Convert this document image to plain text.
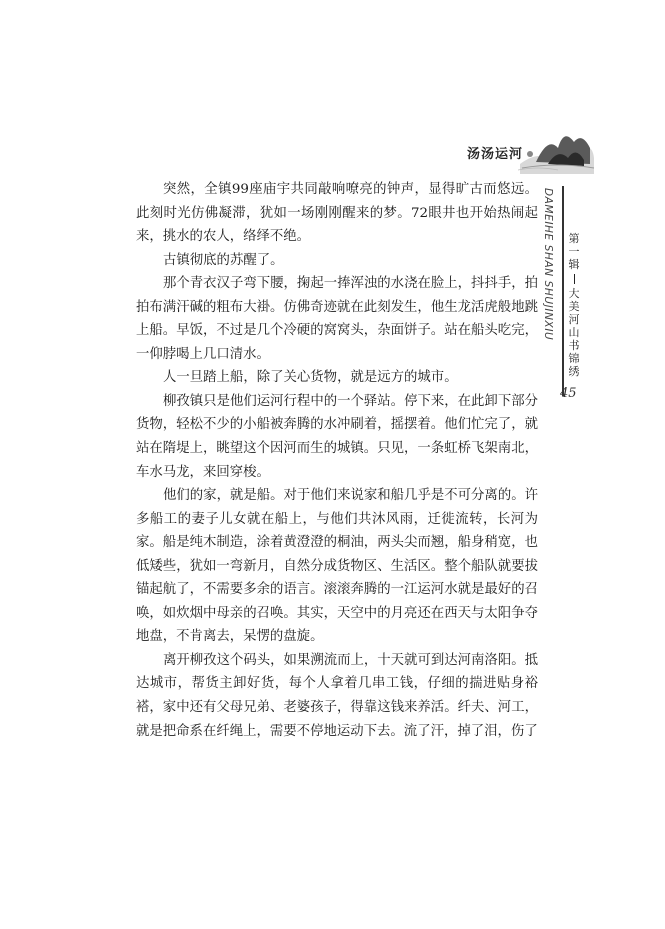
汤汤运河

突然，全镇99座庙宇共同敲响嘹亮的钟声，显得旷古而悠远。此刻时光仿佛凝滞，犹如一场刚刚醒来的梦。72眼井也开始热闹起来，挑水的农人，络绎不绝。

古镇彻底的苏醒了。

那个青衣汉子弯下腰，掬起一捧浑浊的水浇在脸上，抖抖手，拍拍布满汗碱的粗布大褂。仿佛奇迹就在此刻发生，他生龙活虎般地跳上船。早饭，不过是几个冷硬的窝窝头，杂面饼子。站在船头吃完，一仰脖喝上几口清水。

人一旦踏上船，除了关心货物，就是远方的城市。

柳孜镇只是他们运河行程中的一个驿站。停下来，在此卸下部分货物，轻松不少的小船被奔腾的水冲刷着，摇摆着。他们忙完了，就站在隋堤上，眺望这个因河而生的城镇。只见，一条虹桥飞架南北，车水马龙，来回穿梭。

他们的家，就是船。对于他们来说家和船几乎是不可分离的。许多船工的妻子儿女就在船上，与他们共沐风雨，迁徙流转，长河为家。船是纯木制造，涂着黄澄澄的桐油，两头尖而翘，船身稍宽，也低矮些，犹如一弯新月，自然分成货物区、生活区。整个船队就要拔锚起航了，不需要多余的语言。滚滚奔腾的一江运河水就是最好的召唤，如炊烟中母亲的召唤。其实，天空中的月亮还在西天与太阳争夺地盘，不肯离去，呆愣的盘旋。

离开柳孜这个码头，如果溯流而上，十天就可到达河南洛阳。抵达城市，帮货主卸好货，每个人拿着几串工钱，仔细的揣进贴身裕褡，家中还有父母兄弟、老婆孩子，得靠这钱来养活。纤夫、河工，就是把命系在纤绳上，需要不停地运动下去。流了汗，掉了泪，伤了

DAMEIHE SHAN SHUJINXIU 第一辑
大美河山书锦绣
45
